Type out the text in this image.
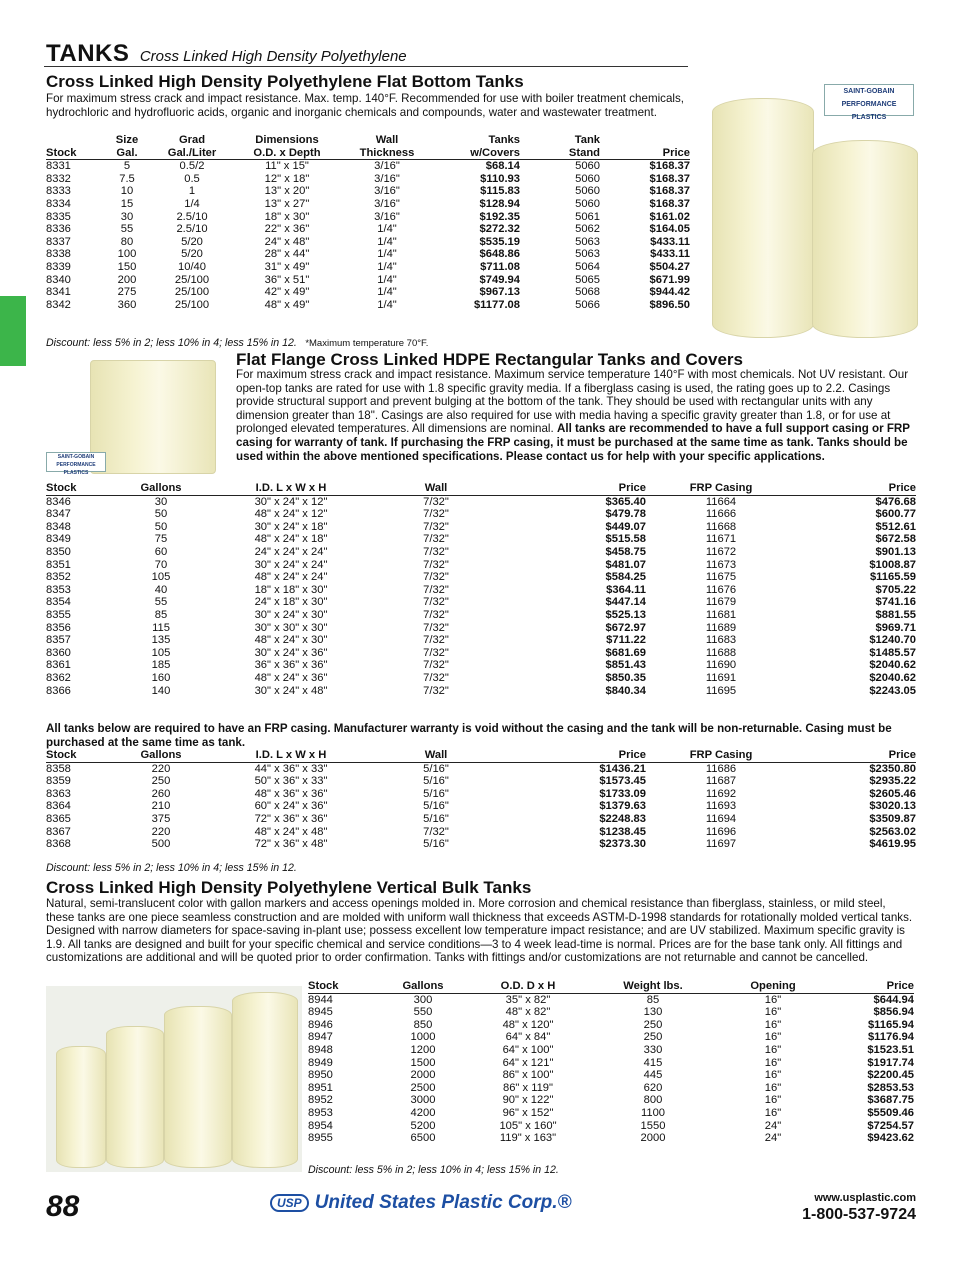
TANKS Cross Linked High Density Polyethylene
Cross Linked High Density Polyethylene Flat Bottom Tanks
For maximum stress crack and impact resistance. Max. temp. 140°F. Recommended for use with boiler treatment chemicals, hydrochloric and hydrofluoric acids, organic and inorganic chemicals and compounds, water and wastewater treatment.
	Size	Grad	Dimensions	Wall	Tanks	Tank	
Stock	Gal.	Gal./Liter	O.D. x Depth	Thickness	w/Covers	Stand	Price
8331	5	0.5/2	11" x 15"	3/16"	$68.14	5060	$168.37
8332	7.5	0.5	12" x 18"	3/16"	$110.93	5060	$168.37
8333	10	1	13" x 20"	3/16"	$115.83	5060	$168.37
8334	15	1/4	13" x 27"	3/16"	$128.94	5060	$168.37
8335	30	2.5/10	18" x 30"	3/16"	$192.35	5061	$161.02
8336	55	2.5/10	22" x 36"	1/4"	$272.32	5062	$164.05
8337	80	5/20	24" x 48"	1/4"	$535.19	5063	$433.11
8338	100	5/20	28" x 44"	1/4"	$648.86	5063	$433.11
8339	150	10/40	31" x 49"	1/4"	$711.08	5064	$504.27
8340	200	25/100	36" x 51"	1/4"	$749.94	5065	$671.99
8341	275	25/100	42" x 49"	1/4"	$967.13	5068	$944.42
8342	360	25/100	48" x 49"	1/4"	$1177.08	5066	$896.50
Discount: less 5% in 2; less 10% in 4; less 15% in 12. *Maximum temperature 70°F.
SAINT-GOBAIN PERFORMANCE PLASTICS
SAINT-GOBAIN PERFORMANCE PLASTICS
Flat Flange Cross Linked HDPE Rectangular Tanks and Covers
For maximum stress crack and impact resistance. Maximum service temperature 140°F with most chemicals. Not UV resistant. Our open-top tanks are rated for use with 1.8 specific gravity media. If a fiberglass casing is used, the rating goes up to 2.2. Casings provide structural support and prevent bulging at the bottom of the tank. They should be used with rectangular units with any dimension greater than 18". Casings are also required for use with media having a specific gravity greater than 1.8, or for use at prolonged elevated temperatures. All dimensions are nominal. All tanks are recommended to have a full support casing or FRP casing for warranty of tank. If purchasing the FRP casing, it must be purchased at the same time as tank. Tanks should be used within the above mentioned specifications. Please contact us for help with your specific applications.
Stock	Gallons	I.D. L x W x H	Wall	Price	FRP Casing	Price
8346	30	30" x 24" x 12"	7/32"	$365.40	11664	$476.68
8347	50	48" x 24" x 12"	7/32"	$479.78	11666	$600.77
8348	50	30" x 24" x 18"	7/32"	$449.07	11668	$512.61
8349	75	48" x 24" x 18"	7/32"	$515.58	11671	$672.58
8350	60	24" x 24" x 24"	7/32"	$458.75	11672	$901.13
8351	70	30" x 24" x 24"	7/32"	$481.07	11673	$1008.87
8352	105	48" x 24" x 24"	7/32"	$584.25	11675	$1165.59
8353	40	18" x 18" x 30"	7/32"	$364.11	11676	$705.22
8354	55	24" x 18" x 30"	7/32"	$447.14	11679	$741.16
8355	85	30" x 24" x 30"	7/32"	$525.13	11681	$881.55
8356	115	30" x 30" x 30"	7/32"	$672.97	11689	$969.71
8357	135	48" x 24" x 30"	7/32"	$711.22	11683	$1240.70
8360	105	30" x 24" x 36"	7/32"	$681.69	11688	$1485.57
8361	185	36" x 36" x 36"	7/32"	$851.43	11690	$2040.62
8362	160	48" x 24" x 36"	7/32"	$850.35	11691	$2040.62
8366	140	30" x 24" x 48"	7/32"	$840.34	11695	$2243.05
All tanks below are required to have an FRP casing. Manufacturer warranty is void without the casing and the tank will be non-returnable. Casing must be purchased at the same time as tank.
Stock	Gallons	I.D. L x W x H	Wall	Price	FRP Casing	Price
8358	220	44" x 36" x 33"	5/16"	$1436.21	11686	$2350.80
8359	250	50" x 36" x 33"	5/16"	$1573.45	11687	$2935.22
8363	260	48" x 36" x 36"	5/16"	$1733.09	11692	$2605.46
8364	210	60" x 24" x 36"	5/16"	$1379.63	11693	$3020.13
8365	375	72" x 36" x 36"	5/16"	$2248.83	11694	$3509.87
8367	220	48" x 24" x 48"	7/32"	$1238.45	11696	$2563.02
8368	500	72" x 36" x 48"	5/16"	$2373.30	11697	$4619.95
Discount: less 5% in 2; less 10% in 4; less 15% in 12.
Cross Linked High Density Polyethylene Vertical Bulk Tanks
Natural, semi-translucent color with gallon markers and access openings molded in. More corrosion and chemical resistance than fiberglass, stainless, or mild steel, these tanks are one piece seamless construction and are molded with uniform wall thickness that exceeds ASTM-D-1998 standards for rotationally molded vertical tanks. Designed with narrow diameters for space-saving in-plant use; possess excellent low temperature impact resistance; and are UV stabilized. Maximum specific gravity is 1.9. All tanks are designed and built for your specific chemical and service conditions—3 to 4 week lead-time is normal. Prices are for the base tank only. All fittings and customizations are additional and will be quoted prior to order confirmation. Tanks with fittings and/or customizations are not returnable and cannot be cancelled.
Stock	Gallons	O.D. D x H	Weight lbs.	Opening	Price
8944	300	35" x 82"	85	16"	$644.94
8945	550	48" x 82"	130	16"	$856.94
8946	850	48" x 120"	250	16"	$1165.94
8947	1000	64" x 84"	250	16"	$1176.94
8948	1200	64" x 100"	330	16"	$1523.51
8949	1500	64" x 121"	415	16"	$1917.74
8950	2000	86" x 100"	445	16"	$2200.45
8951	2500	86" x 119"	620	16"	$2853.53
8952	3000	90" x 122"	800	16"	$3687.75
8953	4200	96" x 152"	1100	16"	$5509.46
8954	5200	105" x 160"	1550	24"	$7254.57
8955	6500	119" x 163"	2000	24"	$9423.62
Discount: less 5% in 2; less 10% in 4; less 15% in 12.
88	USP United States Plastic Corp.®	www.usplastic.com
1-800-537-9724
